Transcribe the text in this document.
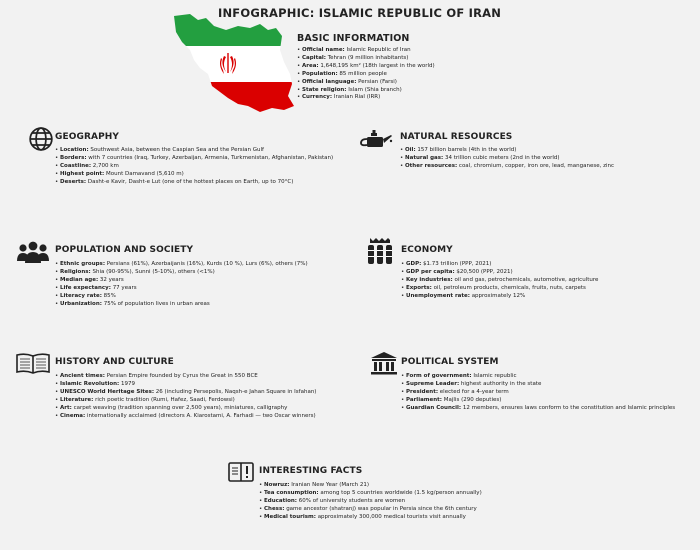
INFOGRAPHIC: ISLAMIC REPUBLIC OF IRAN
BASIC INFORMATION
• Official name: Islamic Republic of Iran
• Capital: Tehran (9 million inhabitants)
• Area: 1,648,195 km² (18th largest in the world)
• Population: 85 million people
• Official language: Persian (Farsi)
• State religion: Islam (Shia branch)
• Currency: Iranian Rial (IRR)
GEOGRAPHY
• Location: Southwest Asia, between the Caspian Sea and the Persian Gulf
• Borders: with 7 countries (Iraq, Turkey, Azerbaijan, Armenia, Turkmenistan, Afghanistan, Pakistan)
• Coastline: 2,700 km
• Highest point: Mount Damavand (5,610 m)
• Deserts: Dasht-e Kavir, Dasht-e Lut (one of the hottest places on Earth, up to 70°C)
NATURAL RESOURCES
• Oil: 157 billion barrels (4th in the world)
• Natural gas: 34 trillion cubic meters (2nd in the world)
• Other resources: coal, chromium, copper, iron ore, lead, manganese, zinc
POPULATION AND SOCIETY
• Ethnic groups: Persians (61%), Azerbaijanis (16%), Kurds (10 %), Lurs (6%), others (7%)
• Religions: Shia (90-95%), Sunni (5-10%), others (<1%)
• Median age: 32 years
• Life expectancy: 77 years
• Literacy rate: 85%
• Urbanization: 75% of population lives in urban areas
ECONOMY
• GDP: $1.73 trillion (PPP, 2021)
• GDP per capita: $20,500 (PPP, 2021)
• Key industries: oil and gas, petrochemicals, automotive, agriculture
• Exports: oil, petroleum products, chemicals, fruits, nuts, carpets
• Unemployment rate: approximately 12%
HISTORY AND CULTURE
• Ancient times: Persian Empire founded by Cyrus the Great in 550 BCE
• Islamic Revolution: 1979
• UNESCO World Heritage Sites: 26 (including Persepolis, Naqsh-e Jahan Square in Isfahan)
• Literature: rich poetic tradition (Rumi, Hafez, Saadi, Ferdowsi)
• Art: carpet weaving (tradition spanning over 2,500 years), miniatures, calligraphy
• Cinema: internationally acclaimed (directors A. Kiarostami, A. Farhadi — two Oscar winners)
POLITICAL SYSTEM
• Form of government: Islamic republic
• Supreme Leader: highest authority in the state
• President: elected for a 4-year term
• Parliament: Majlis (290 deputies)
• Guardian Council: 12 members, ensures laws conform to the constitution and Islamic principles
INTERESTING FACTS
• Nowruz: Iranian New Year (March 21)
• Tea consumption: among top 5 countries worldwide (1.5 kg/person annually)
• Education: 60% of university students are women
• Chess: game ancestor (shatranj) was popular in Persia since the 6th century
• Medical tourism: approximately 300,000 medical tourists visit annually
